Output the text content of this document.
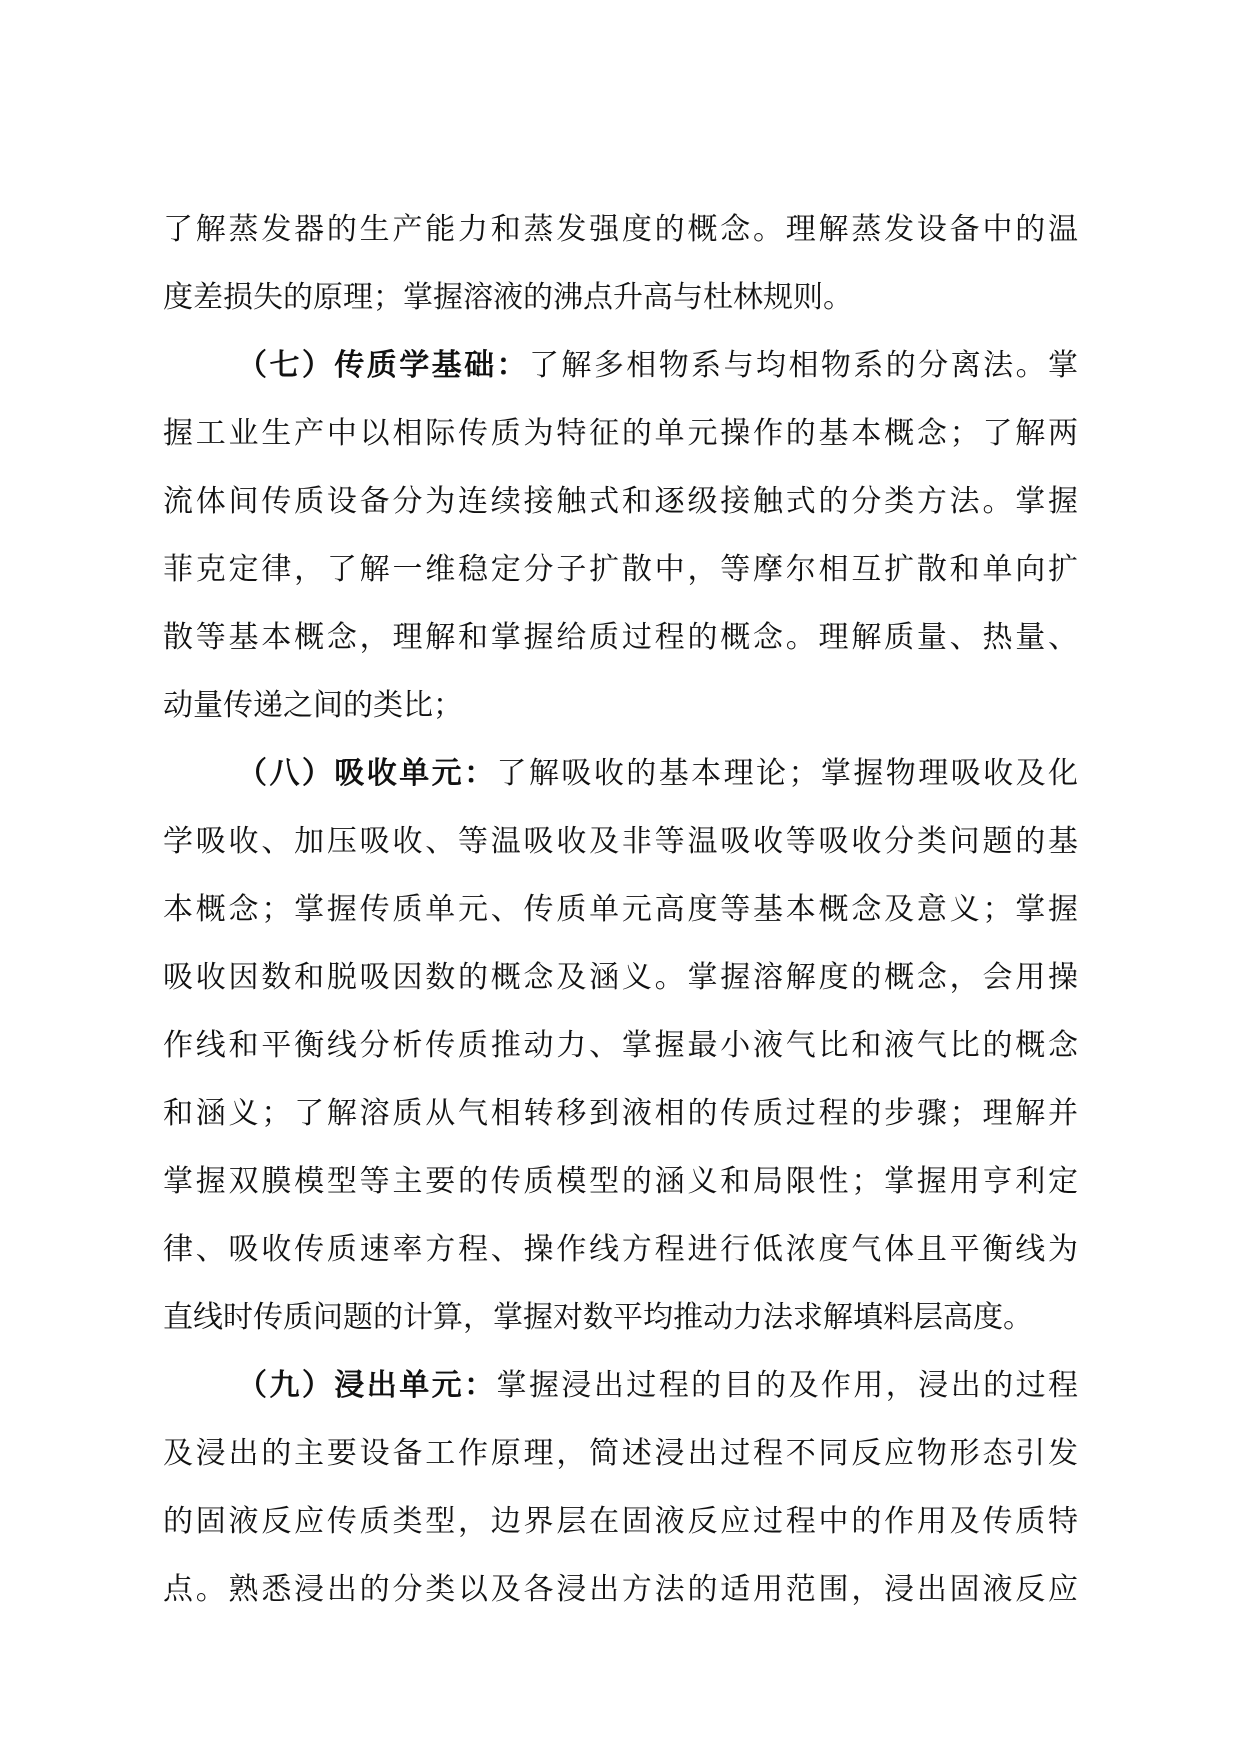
了解蒸发器的生产能力和蒸发强度的概念。理解蒸发设备中的温
度差损失的原理；掌握溶液的沸点升高与杜林规则。
（七）传质学基础：了解多相物系与均相物系的分离法。掌
握工业生产中以相际传质为特征的单元操作的基本概念；了解两
流体间传质设备分为连续接触式和逐级接触式的分类方法。掌握
菲克定律，了解一维稳定分子扩散中，等摩尔相互扩散和单向扩
散等基本概念，理解和掌握给质过程的概念。理解质量、热量、
动量传递之间的类比；
（八）吸收单元：了解吸收的基本理论；掌握物理吸收及化
学吸收、加压吸收、等温吸收及非等温吸收等吸收分类问题的基
本概念；掌握传质单元、传质单元高度等基本概念及意义；掌握
吸收因数和脱吸因数的概念及涵义。掌握溶解度的概念，会用操
作线和平衡线分析传质推动力、掌握最小液气比和液气比的概念
和涵义；了解溶质从气相转移到液相的传质过程的步骤；理解并
掌握双膜模型等主要的传质模型的涵义和局限性；掌握用亨利定
律、吸收传质速率方程、操作线方程进行低浓度气体且平衡线为
直线时传质问题的计算，掌握对数平均推动力法求解填料层高度。
（九）浸出单元：掌握浸出过程的目的及作用，浸出的过程
及浸出的主要设备工作原理，简述浸出过程不同反应物形态引发
的固液反应传质类型，边界层在固液反应过程中的作用及传质特
点。熟悉浸出的分类以及各浸出方法的适用范围，浸出固液反应
